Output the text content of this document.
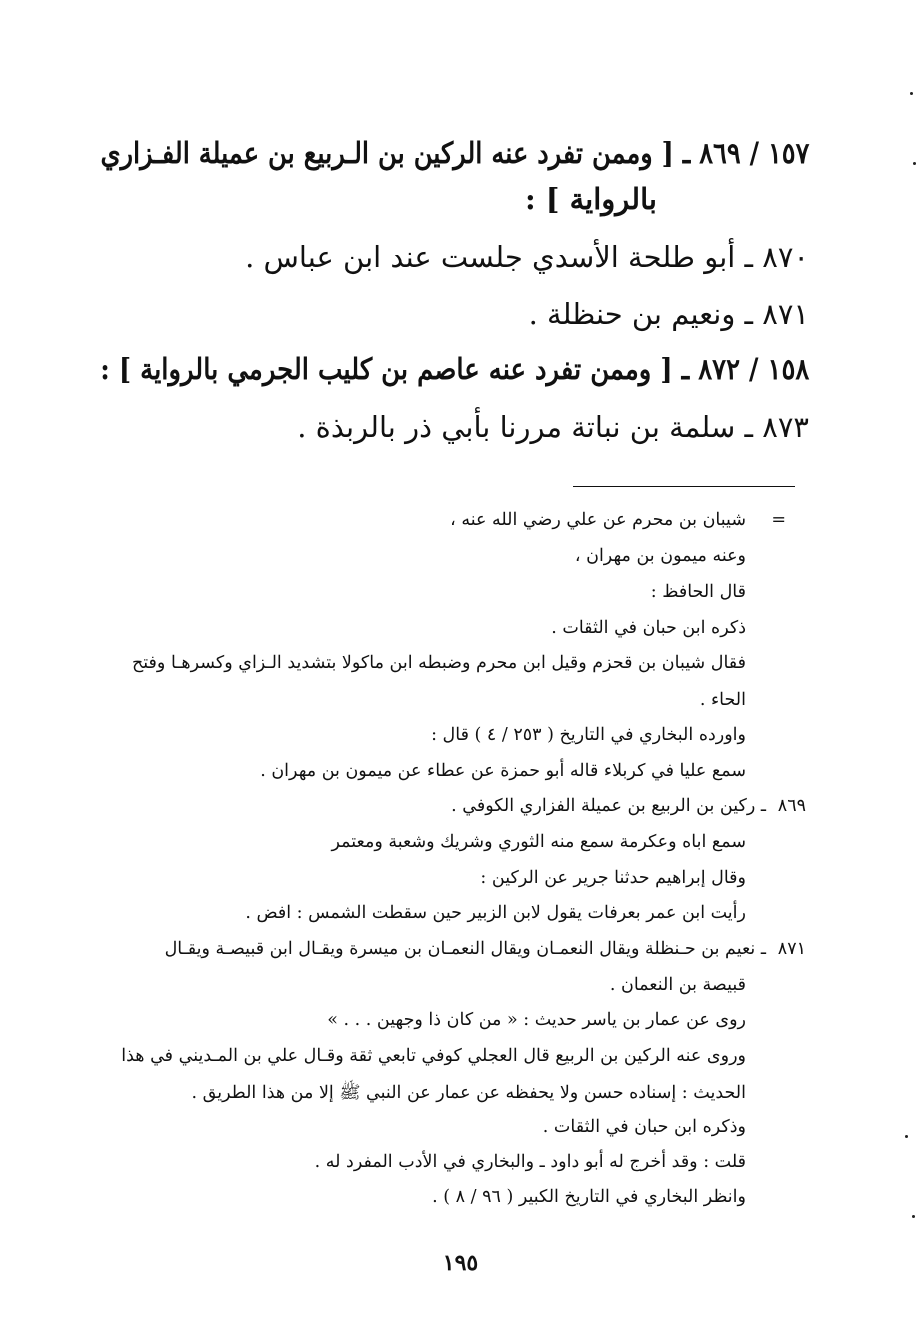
١٥٧ / ٨٦٩ ـ [ وممن تفرد عنه الركين بن الـربيع بن عميلة الفـزاري
بالرواية ] :
٨٧٠ ـ أبو طلحة الأسدي جلست عند ابن عباس .
٨٧١ ـ ونعيم بن حنظلة .
١٥٨ / ٨٧٢ ـ [ وممن تفرد عنه عاصم بن كليب الجرمي بالرواية ] :
٨٧٣ ـ سلمة بن نباتة مررنا بأبي ذر بالربذة .
=
شيبان بن محرم عن علي رضي الله عنه ،
وعنه ميمون بن مهران ،
قال الحافظ :
ذكره ابن حبان في الثقات .
فقال شيبان بن قحزم وقيل ابن محرم وضبطه ابن ماكولا بتشديد الـزاي وكسرهـا وفتح
الحاء .
واورده البخاري في التاريخ ( ٢٥٣ / ٤ ) قال :
سمع عليا في كربلاء قاله أبو حمزة عن عطاء عن ميمون بن مهران .
٨٦٩
ـ ركين بن الربيع بن عميلة الفزاري الكوفي .
سمع اباه وعكرمة سمع منه الثوري وشريك وشعبة ومعتمر
وقال إبراهيم حدثنا جرير عن الركين :
رأيت ابن عمر بعرفات يقول لابن الزبير حين سقطت الشمس : افض .
٨٧١
ـ نعيم بن حـنظلة ويقال النعمـان ويقال النعمـان بن ميسرة ويقـال ابن قبيصـة ويقـال
قبيصة بن النعمان .
روى عن عمار بن ياسر حديث : « من كان ذا وجهين . . . »
وروى عنه الركين بن الربيع قال العجلي كوفي تابعي ثقة وقـال علي بن المـديني في هذا
الحديث : إسناده حسن ولا يحفظه عن عمار عن النبي ﷺ إلا من هذا الطريق .
وذكره ابن حبان في الثقات .
قلت : وقد أخرج له أبو داود ـ والبخاري في الأدب المفرد له .
وانظر البخاري في التاريخ الكبير ( ٩٦ / ٨ ) .
١٩٥
